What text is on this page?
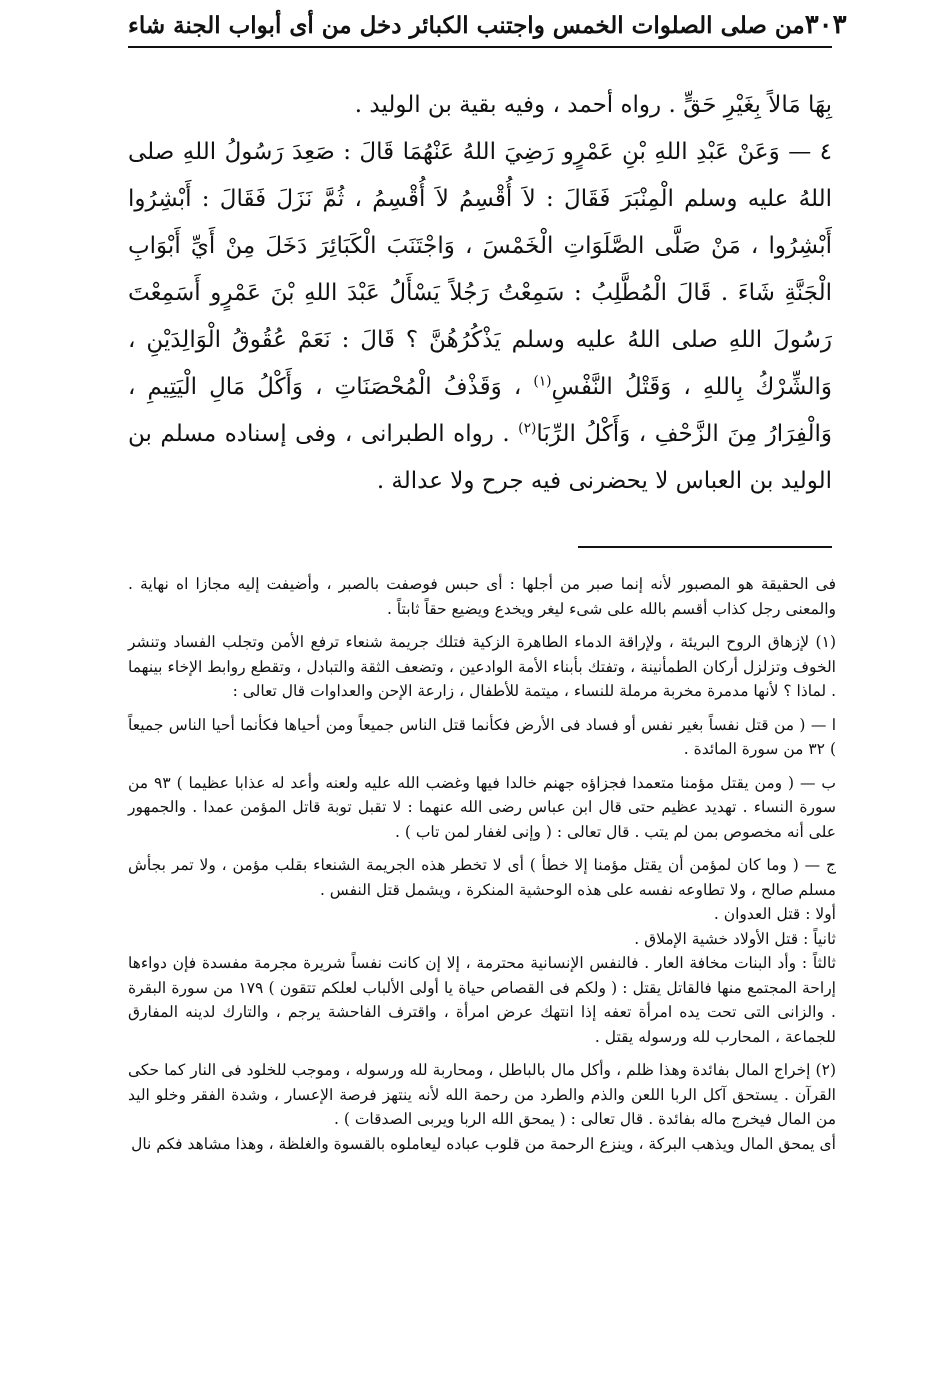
من صلى الصلوات الخمس واجتنب الكبائر دخل من أى أبواب الجنة شاء ٣٠٣

بِهَا مَالاً بِغَيْرِ حَقٍّ . رواه أحمد ، وفيه بقية بن الوليد .

٤ — وَعَنْ عَبْدِ اللهِ بْنِ عَمْرٍو رَضِيَ اللهُ عَنْهُمَا قَالَ : صَعِدَ رَسُولُ اللهِ صلى اللهُ عليه وسلم الْمِنْبَرَ فَقَالَ : لاَ أُقْسِمُ لاَ أُقْسِمُ ، ثُمَّ نَزَلَ فَقَالَ : أَبْشِرُوا أَبْشِرُوا ، مَنْ صَلَّى الصَّلَوَاتِ الْخَمْسَ ، وَاجْتَنَبَ الْكَبَائِرَ دَخَلَ مِنْ أَيِّ أَبْوَابِ الْجَنَّةِ شَاءَ . قَالَ الْمُطَّلِبُ : سَمِعْتُ رَجُلاً يَسْأَلُ عَبْدَ اللهِ بْنَ عَمْرٍو أَسَمِعْتَ رَسُولَ اللهِ صلى اللهُ عليه وسلم يَذْكُرُهُنَّ ؟ قَالَ : نَعَمْ عُقُوقُ الْوَالِدَيْنِ ، وَالشِّرْكُ بِاللهِ ، وَقَتْلُ النَّفْسِ$^{(١)}$ ، وَقَذْفُ الْمُحْصَنَاتِ ، وَأَكْلُ مَالِ الْيَتِيمِ ، وَالْفِرَارُ مِنَ الزَّحْفِ ، وَأَكْلُ الرِّبَا$^{(٢)}$ . رواه الطبرانى ، وفى إسناده مسلم بن الوليد بن العباس لا يحضرنى فيه جرح ولا عدالة .

فى الحقيقة هو المصبور لأنه إنما صبر من أجلها : أى حبس فوصفت بالصبر ، وأضيفت إليه مجازا اه نهاية . والمعنى رجل كذاب أقسم بالله على شىء ليغر ويخدع ويضيع حقاً ثابتاً .

(١) لإزهاق الروح البريئة ، ولإراقة الدماء الطاهرة الزكية فتلك جريمة شنعاء ترفع الأمن وتجلب الفساد وتنشر الخوف وتزلزل أركان الطمأنينة ، وتفتك بأبناء الأمة الوادعين ، وتضعف الثقة والتبادل ، وتقطع روابط الإخاء بينهما . لماذا ؟ لأنها مدمرة مخربة مرملة للنساء ، ميتمة للأطفال ، زارعة الإحن والعداوات قال تعالى :

ا — ( من قتل نفساً بغير نفس أو فساد فى الأرض فكأنما قتل الناس جميعاً ومن أحياها فكأنما أحيا الناس جميعاً ) ٣٢ من سورة المائدة .

ب — ( ومن يقتل مؤمنا متعمدا فجزاؤه جهنم خالدا فيها وغضب الله عليه ولعنه وأعد له عذابا عظيما ) ٩٣ من سورة النساء . تهديد عظيم حتى قال ابن عباس رضى الله عنهما : لا تقبل توبة قاتل المؤمن عمدا . والجمهور على أنه مخصوص بمن لم يتب . قال تعالى : ( وإنى لغفار لمن تاب ) .

ج — ( وما كان لمؤمن أن يقتل مؤمنا إلا خطأ ) أى لا تخطر هذه الجريمة الشنعاء بقلب مؤمن ، ولا تمر بجأش مسلم صالح ، ولا تطاوعه نفسه على هذه الوحشية المنكرة ، ويشمل قتل النفس .

أولا : قتل العدوان .

ثانياً : قتل الأولاد خشية الإملاق .

ثالثاً : وأد البنات مخافة العار . فالنفس الإنسانية محترمة ، إلا إن كانت نفساً شريرة مجرمة مفسدة فإن دواءها إراحة المجتمع منها فالقاتل يقتل : ( ولكم فى القصاص حياة يا أولى الألباب لعلكم تتقون ) ١٧٩ من سورة البقرة . والزانى التى تحت يده امرأة تعفه إذا انتهك عرض امرأة ، واقترف الفاحشة يرجم ، والتارك لدينه المفارق للجماعة ، المحارب لله ورسوله يقتل .

(٢) إخراج المال بفائدة وهذا ظلم ، وأكل مال بالباطل ، ومحاربة لله ورسوله ، وموجب للخلود فى النار كما حكى القرآن . يستحق آكل الربا اللعن والذم والطرد من رحمة الله لأنه ينتهز فرصة الإعسار ، وشدة الفقر وخلو اليد من المال فيخرج ماله بفائدة . قال تعالى : ( يمحق الله الربا ويربى الصدقات ) .

أى يمحق المال ويذهب البركة ، وينزع الرحمة من قلوب عباده ليعاملوه بالقسوة والغلظة ، وهذا مشاهد فكم نال
